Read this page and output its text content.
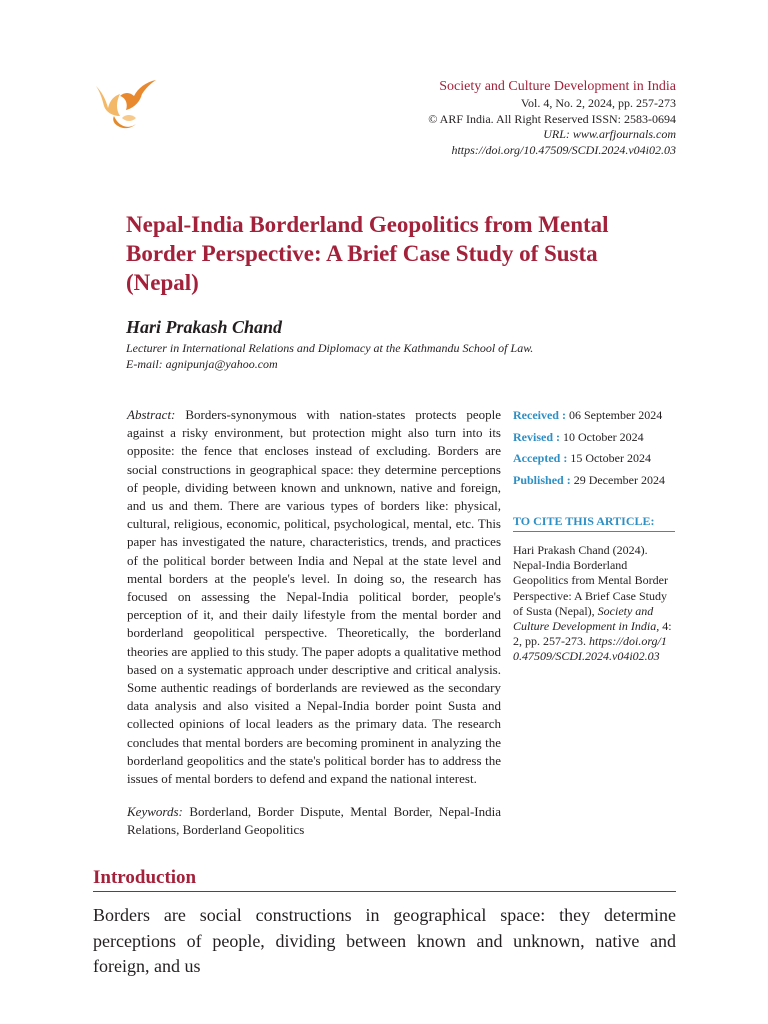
Society and Culture Development in India
Vol. 4, No. 2, 2024, pp. 257-273
© ARF India. All Right Reserved ISSN: 2583-0694
URL: www.arfjournals.com
https://doi.org/10.47509/SCDI.2024.v04i02.03
Nepal-India Borderland Geopolitics from Mental Border Perspective: A Brief Case Study of Susta (Nepal)
Hari Prakash Chand
Lecturer in International Relations and Diplomacy at the Kathmandu School of Law.
E-mail: agnipunja@yahoo.com
Abstract: Borders-synonymous with nation-states protects people against a risky environment, but protection might also turn into its opposite: the fence that encloses instead of excluding. Borders are social constructions in geographical space: they determine perceptions of people, dividing between known and unknown, native and foreign, and us and them. There are various types of borders like: physical, cultural, religious, economic, political, psychological, mental, etc. This paper has investigated the nature, characteristics, trends, and practices of the political border between India and Nepal at the state level and mental borders at the people's level. In doing so, the research has focused on assessing the Nepal-India political border, people's perception of it, and their daily lifestyle from the mental border and borderland geopolitical perspective. Theoretically, the borderland theories are applied to this study. The paper adopts a qualitative method based on a systematic approach under descriptive and critical analysis. Some authentic readings of borderlands are reviewed as the secondary data analysis and also visited a Nepal-India border point Susta and collected opinions of local leaders as the primary data. The research concludes that mental borders are becoming prominent in analyzing the borderland geopolitics and the state's political border has to address the issues of mental borders to defend and expand the national interest.
Keywords: Borderland, Border Dispute, Mental Border, Nepal-India Relations, Borderland Geopolitics
Received : 06 September 2024
Revised : 10 October 2024
Accepted : 15 October 2024
Published : 29 December 2024
TO CITE THIS ARTICLE:
Hari Prakash Chand (2024). Nepal-India Borderland Geopolitics from Mental Border Perspective: A Brief Case Study of Susta (Nepal), Society and Culture Development in India, 4: 2, pp. 257-273. https://doi.org/10.47509/SCDI.2024.v04i02.03
Introduction
Borders are social constructions in geographical space: they determine perceptions of people, dividing between known and unknown, native and foreign, and us
